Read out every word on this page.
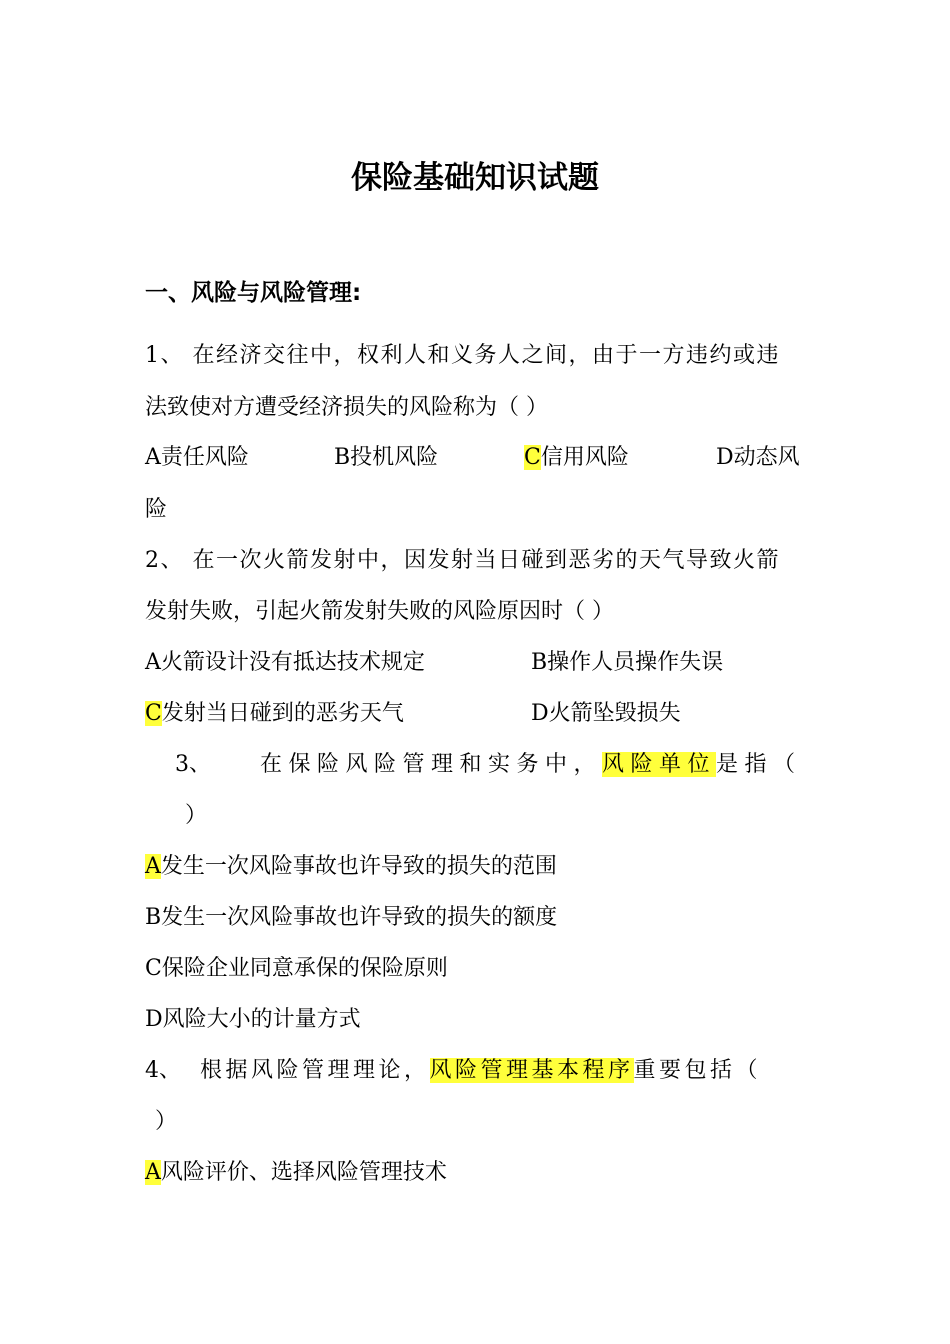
保险基础知识试题
一、风险与风险管理:
1、 在经济交往中，权利人和义务人之间，由于一方违约或违
法致使对方遭受经济损失的风险称为（ ）
A责任风险	B投机风险	C信用风险	D动态风
险
2、 在一次火箭发射中，因发射当日碰到恶劣的天气导致火箭
发射失败，引起火箭发射失败的风险原因时（ ）
A火箭设计没有抵达技术规定	B操作人员操作失误
C发射当日碰到的恶劣天气	D火箭坠毁损失
3、 在保险风险管理和实务中，风险单位是指（
）
A发生一次风险事故也许导致的损失的范围
B发生一次风险事故也许导致的损失的额度
C保险企业同意承保的保险原则
D风险大小的计量方式
4、 根据风险管理理论，风险管理基本程序重要包括（
）
A风险评价、选择风险管理技术
